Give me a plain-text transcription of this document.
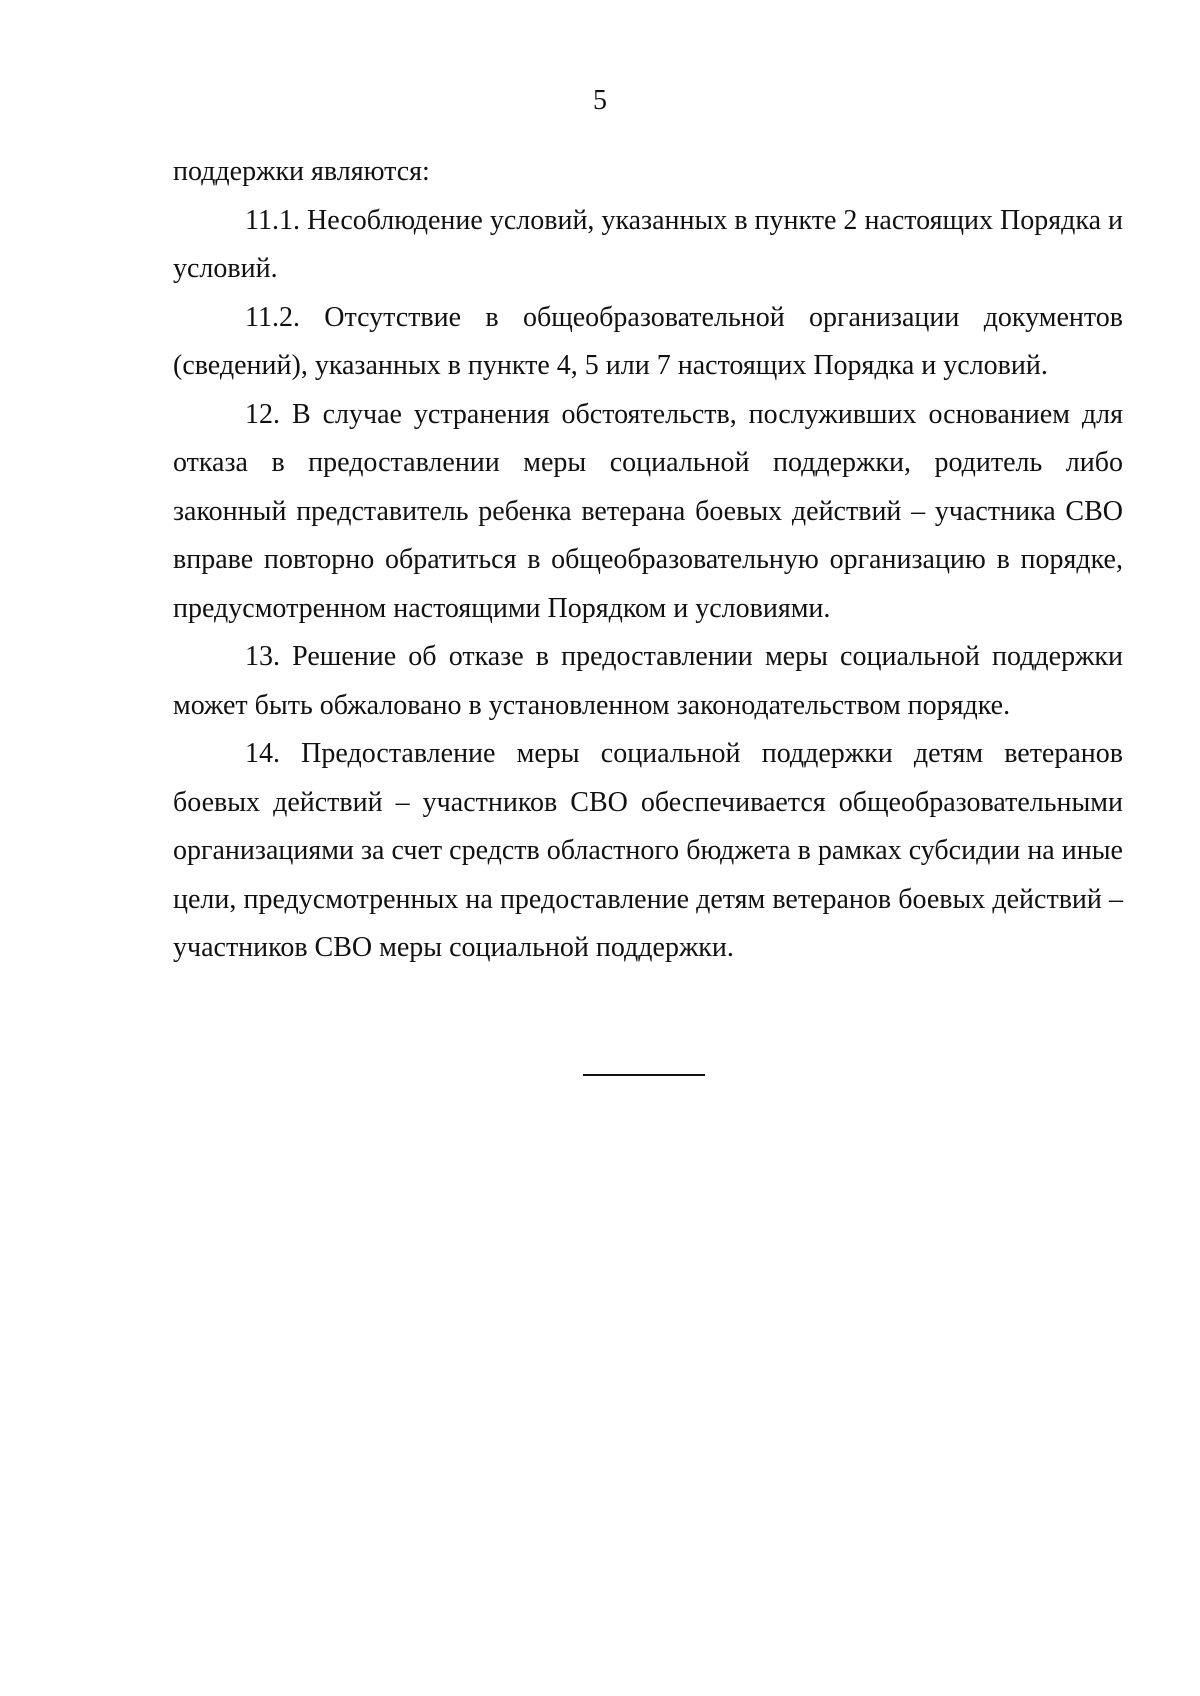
5

поддержки являются:

11.1. Несоблюдение условий, указанных в пункте 2 настоящих Порядка и условий.

11.2. Отсутствие в общеобразовательной организации документов (сведений), указанных в пункте 4, 5 или 7 настоящих Порядка и условий.

12. В случае устранения обстоятельств, послуживших основанием для отказа в предоставлении меры социальной поддержки, родитель либо законный представитель ребенка ветерана боевых действий – участника СВО вправе повторно обратиться в общеобразовательную организацию в порядке, предусмотренном настоящими Порядком и условиями.

13. Решение об отказе в предоставлении меры социальной поддержки может быть обжаловано в установленном законодательством порядке.

14. Предоставление меры социальной поддержки детям ветеранов боевых действий – участников СВО обеспечивается общеобразовательными организациями за счет средств областного бюджета в рамках субсидии на иные цели, предусмотренных на предоставление детям ветеранов боевых действий – участников СВО меры социальной поддержки.
